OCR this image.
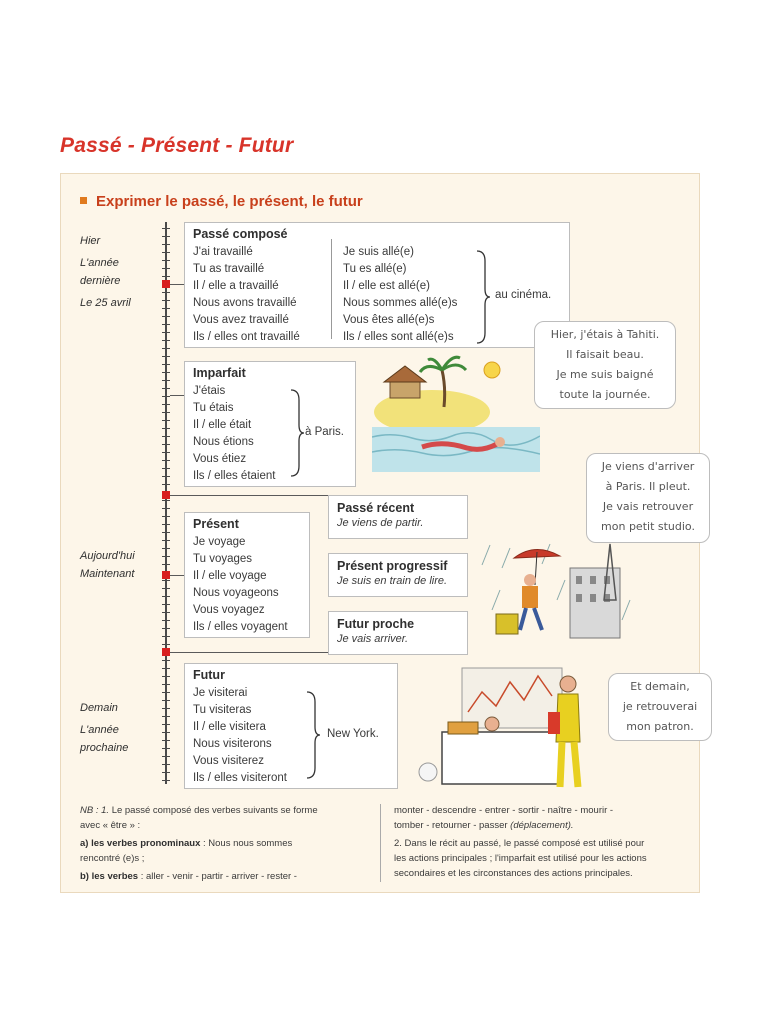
Passé - Présent - Futur
Exprimer le passé, le présent, le futur
Hier
L'année
dernière
Le 25 avril
Aujourd'hui
Maintenant
Demain
L'année
prochaine
Passé composé
J'ai travaillé
Tu as travaillé
Il / elle a travaillé
Nous avons travaillé
Vous avez travaillé
Ils / elles ont travaillé
Je suis allé(e)
Tu es allé(e)
Il / elle est allé(e)
Nous sommes allé(e)s
Vous êtes allé(e)s
Ils / elles sont allé(e)s
au cinéma.
Imparfait
J'étais
Tu étais
Il / elle était
Nous étions
Vous étiez
Ils / elles étaient
à Paris.
Passé récent
Je viens de partir.
Présent
Je voyage
Tu voyages
Il / elle voyage
Nous voyageons
Vous voyagez
Ils / elles voyagent
Présent progressif
Je suis en train de lire.
Futur proche
Je vais arriver.
Futur
Je visiterai
Tu visiteras
Il / elle visitera
Nous visiterons
Vous visiterez
Ils / elles visiteront
New York.
Hier, j'étais à Tahiti.
Il faisait beau.
Je me suis baigné
toute la journée.
Je viens d'arriver
à Paris. Il pleut.
Je vais retrouver
mon petit studio.
Et demain,
je retrouverai
mon patron.
NB : 1. Le passé composé des verbes suivants se forme
avec « être » :
a) les verbes pronominaux : Nous nous sommes
rencontré (e)s ;
b) les verbes : aller - venir - partir - arriver - rester -
monter - descendre - entrer - sortir - naître - mourir -
tomber - retourner - passer (déplacement).
2. Dans le récit au passé, le passé composé est utilisé pour
les actions principales ; l'imparfait est utilisé pour les actions
secondaires et les circonstances des actions principales.
